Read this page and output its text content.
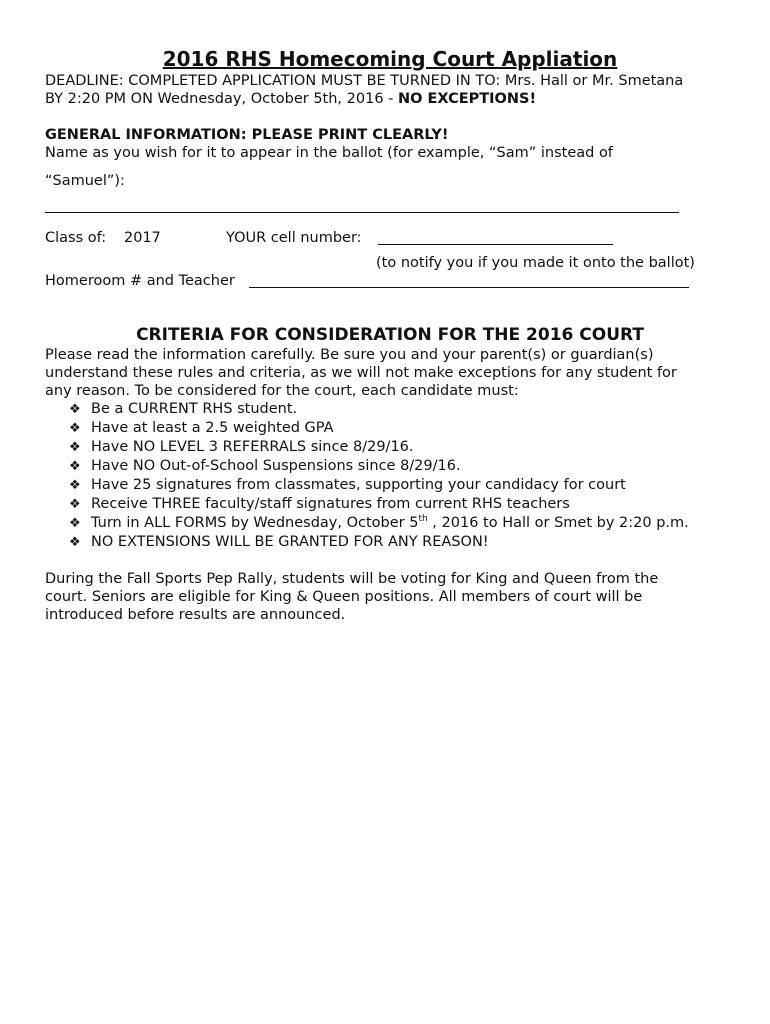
2016 RHS Homecoming Court Appliation
DEADLINE: COMPLETED APPLICATION MUST BE TURNED IN TO: Mrs. Hall or Mr. Smetana
BY 2:20 PM ON Wednesday, October 5th, 2016 - NO EXCEPTIONS!
GENERAL INFORMATION: PLEASE PRINT CLEARLY!
Name as you wish for it to appear in the ballot (for example, “Sam” instead of
“Samuel”):
Class of: 2017	YOUR cell number:
(to notify you if you made it onto the ballot)
Homeroom # and Teacher
CRITERIA FOR CONSIDERATION FOR THE 2016 COURT
Please read the information carefully. Be sure you and your parent(s) or guardian(s)
understand these rules and criteria, as we will not make exceptions for any student for
any reason. To be considered for the court, each candidate must:
❖ Be a CURRENT RHS student.
❖ Have at least a 2.5 weighted GPA
❖ Have NO LEVEL 3 REFERRALS since 8/29/16.
❖ Have NO Out-of-School Suspensions since 8/29/16.
❖ Have 25 signatures from classmates, supporting your candidacy for court
❖ Receive THREE faculty/staff signatures from current RHS teachers
❖ Turn in ALL FORMS by Wednesday, October 5th , 2016 to Hall or Smet by 2:20 p.m.
❖ NO EXTENSIONS WILL BE GRANTED FOR ANY REASON!
During the Fall Sports Pep Rally, students will be voting for King and Queen from the
court. Seniors are eligible for King & Queen positions. All members of court will be
introduced before results are announced.
